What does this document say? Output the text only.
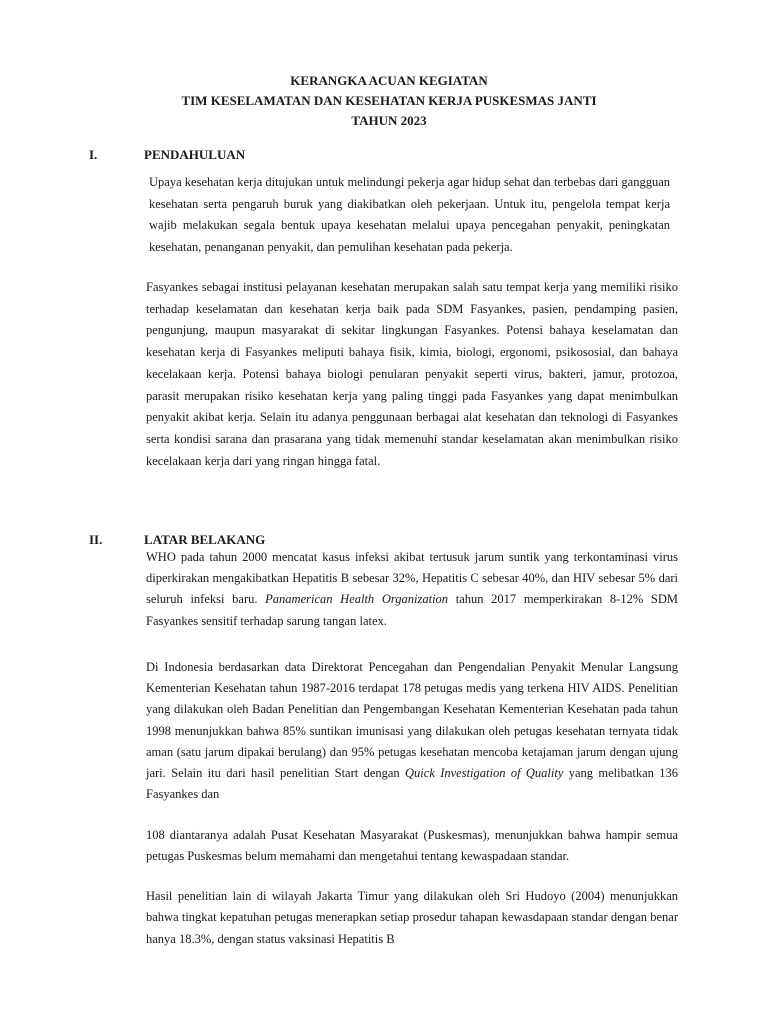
KERANGKA ACUAN KEGIATAN
TIM KESELAMATAN DAN KESEHATAN KERJA PUSKESMAS JANTI
TAHUN 2023
I.	PENDAHULUAN

Upaya kesehatan kerja ditujukan untuk melindungi pekerja agar hidup sehat dan terbebas dari gangguan kesehatan serta pengaruh buruk yang diakibatkan oleh pekerjaan. Untuk itu, pengelola tempat kerja wajib melakukan segala bentuk upaya kesehatan melalui upaya pencegahan penyakit, peningkatan kesehatan, penanganan penyakit, dan pemulihan kesehatan pada pekerja.

Fasyankes sebagai institusi pelayanan kesehatan merupakan salah satu tempat kerja yang memiliki risiko terhadap keselamatan dan kesehatan kerja baik pada SDM Fasyankes, pasien, pendamping pasien, pengunjung, maupun masyarakat di sekitar lingkungan Fasyankes. Potensi bahaya keselamatan dan kesehatan kerja di Fasyankes meliputi bahaya fisik, kimia, biologi, ergonomi, psikososial, dan bahaya kecelakaan kerja. Potensi bahaya biologi penularan penyakit seperti virus, bakteri, jamur, protozoa, parasit merupakan risiko kesehatan kerja yang paling tinggi pada Fasyankes yang dapat menimbulkan penyakit akibat kerja. Selain itu adanya penggunaan berbagai alat kesehatan dan teknologi di Fasyankes serta kondisi sarana dan prasarana yang tidak memenuhi standar keselamatan akan menimbulkan risiko kecelakaan kerja dari yang ringan hingga fatal.

II.	LATAR BELAKANG

WHO pada tahun 2000 mencatat kasus infeksi akibat tertusuk jarum suntik yang terkontaminasi virus diperkirakan mengakibatkan Hepatitis B sebesar 32%, Hepatitis C sebesar 40%, dan HIV sebesar 5% dari seluruh infeksi baru. Panamerican Health Organization tahun 2017 memperkirakan 8-12% SDM Fasyankes sensitif terhadap sarung tangan latex.

Di Indonesia berdasarkan data Direktorat Pencegahan dan Pengendalian Penyakit Menular Langsung Kementerian Kesehatan tahun 1987-2016 terdapat 178 petugas medis yang terkena HIV AIDS. Penelitian yang dilakukan oleh Badan Penelitian dan Pengembangan Kesehatan Kementerian Kesehatan pada tahun 1998 menunjukkan bahwa 85% suntikan imunisasi yang dilakukan oleh petugas kesehatan ternyata tidak aman (satu jarum dipakai berulang) dan 95% petugas kesehatan mencoba ketajaman jarum dengan ujung jari. Selain itu dari hasil penelitian Start dengan Quick Investigation of Quality yang melibatkan 136 Fasyankes dan

108 diantaranya adalah Pusat Kesehatan Masyarakat (Puskesmas), menunjukkan bahwa hampir semua petugas Puskesmas belum memahami dan mengetahui tentang kewaspadaan standar.

Hasil penelitian lain di wilayah Jakarta Timur yang dilakukan oleh Sri Hudoyo (2004) menunjukkan bahwa tingkat kepatuhan petugas menerapkan setiap prosedur tahapan kewasdapaan standar dengan benar hanya 18.3%, dengan status vaksinasi Hepatitis B
